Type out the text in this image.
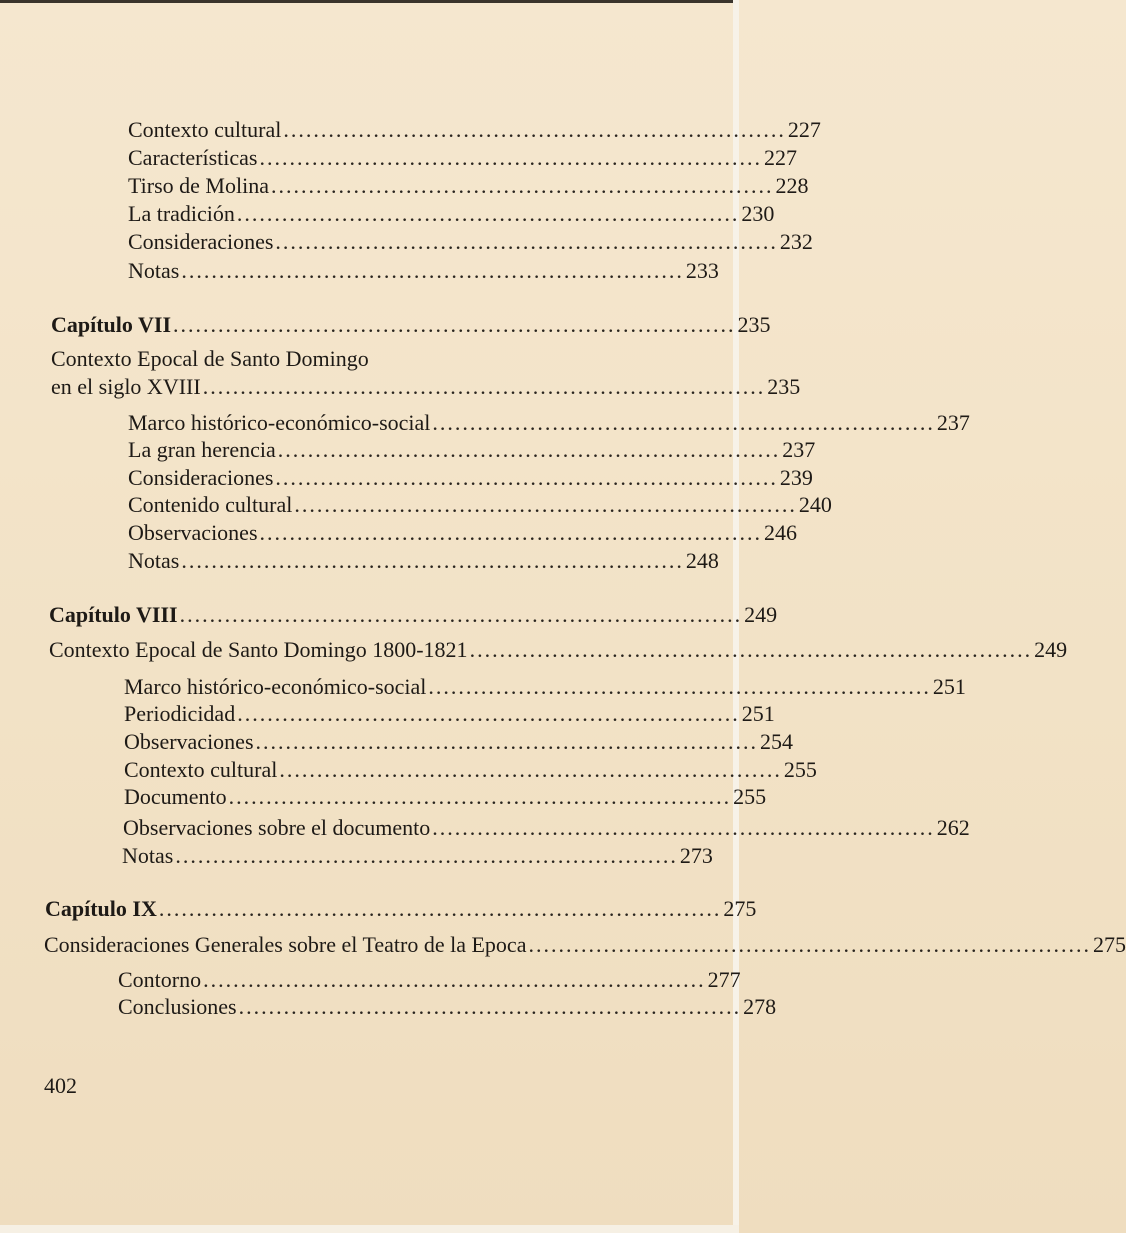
Contexto cultural ................................................................... 227
Características ................................................................... 227
Tirso de Molina ................................................................... 228
La tradición ................................................................... 230
Consideraciones ................................................................... 232
Notas ................................................................... 233
Capítulo VII ........................................................................... 235
Contexto Epocal de Santo Domingo
en el siglo XVIII ........................................................................... 235
Marco histórico-económico-social ................................................................... 237
La gran herencia ................................................................... 237
Consideraciones ................................................................... 239
Contenido cultural ................................................................... 240
Observaciones ................................................................... 246
Notas ................................................................... 248
Capítulo VIII ........................................................................... 249
Contexto Epocal de Santo Domingo 1800-1821 ........................................................................... 249
Marco histórico-económico-social ................................................................... 251
Periodicidad ................................................................... 251
Observaciones ................................................................... 254
Contexto cultural ................................................................... 255
Documento ................................................................... 255
Observaciones sobre el documento ................................................................... 262
Notas ................................................................... 273
Capítulo IX ........................................................................... 275
Consideraciones Generales sobre el Teatro de la Epoca ........................................................................... 275
Contorno ................................................................... 277
Conclusiones ................................................................... 278
402
